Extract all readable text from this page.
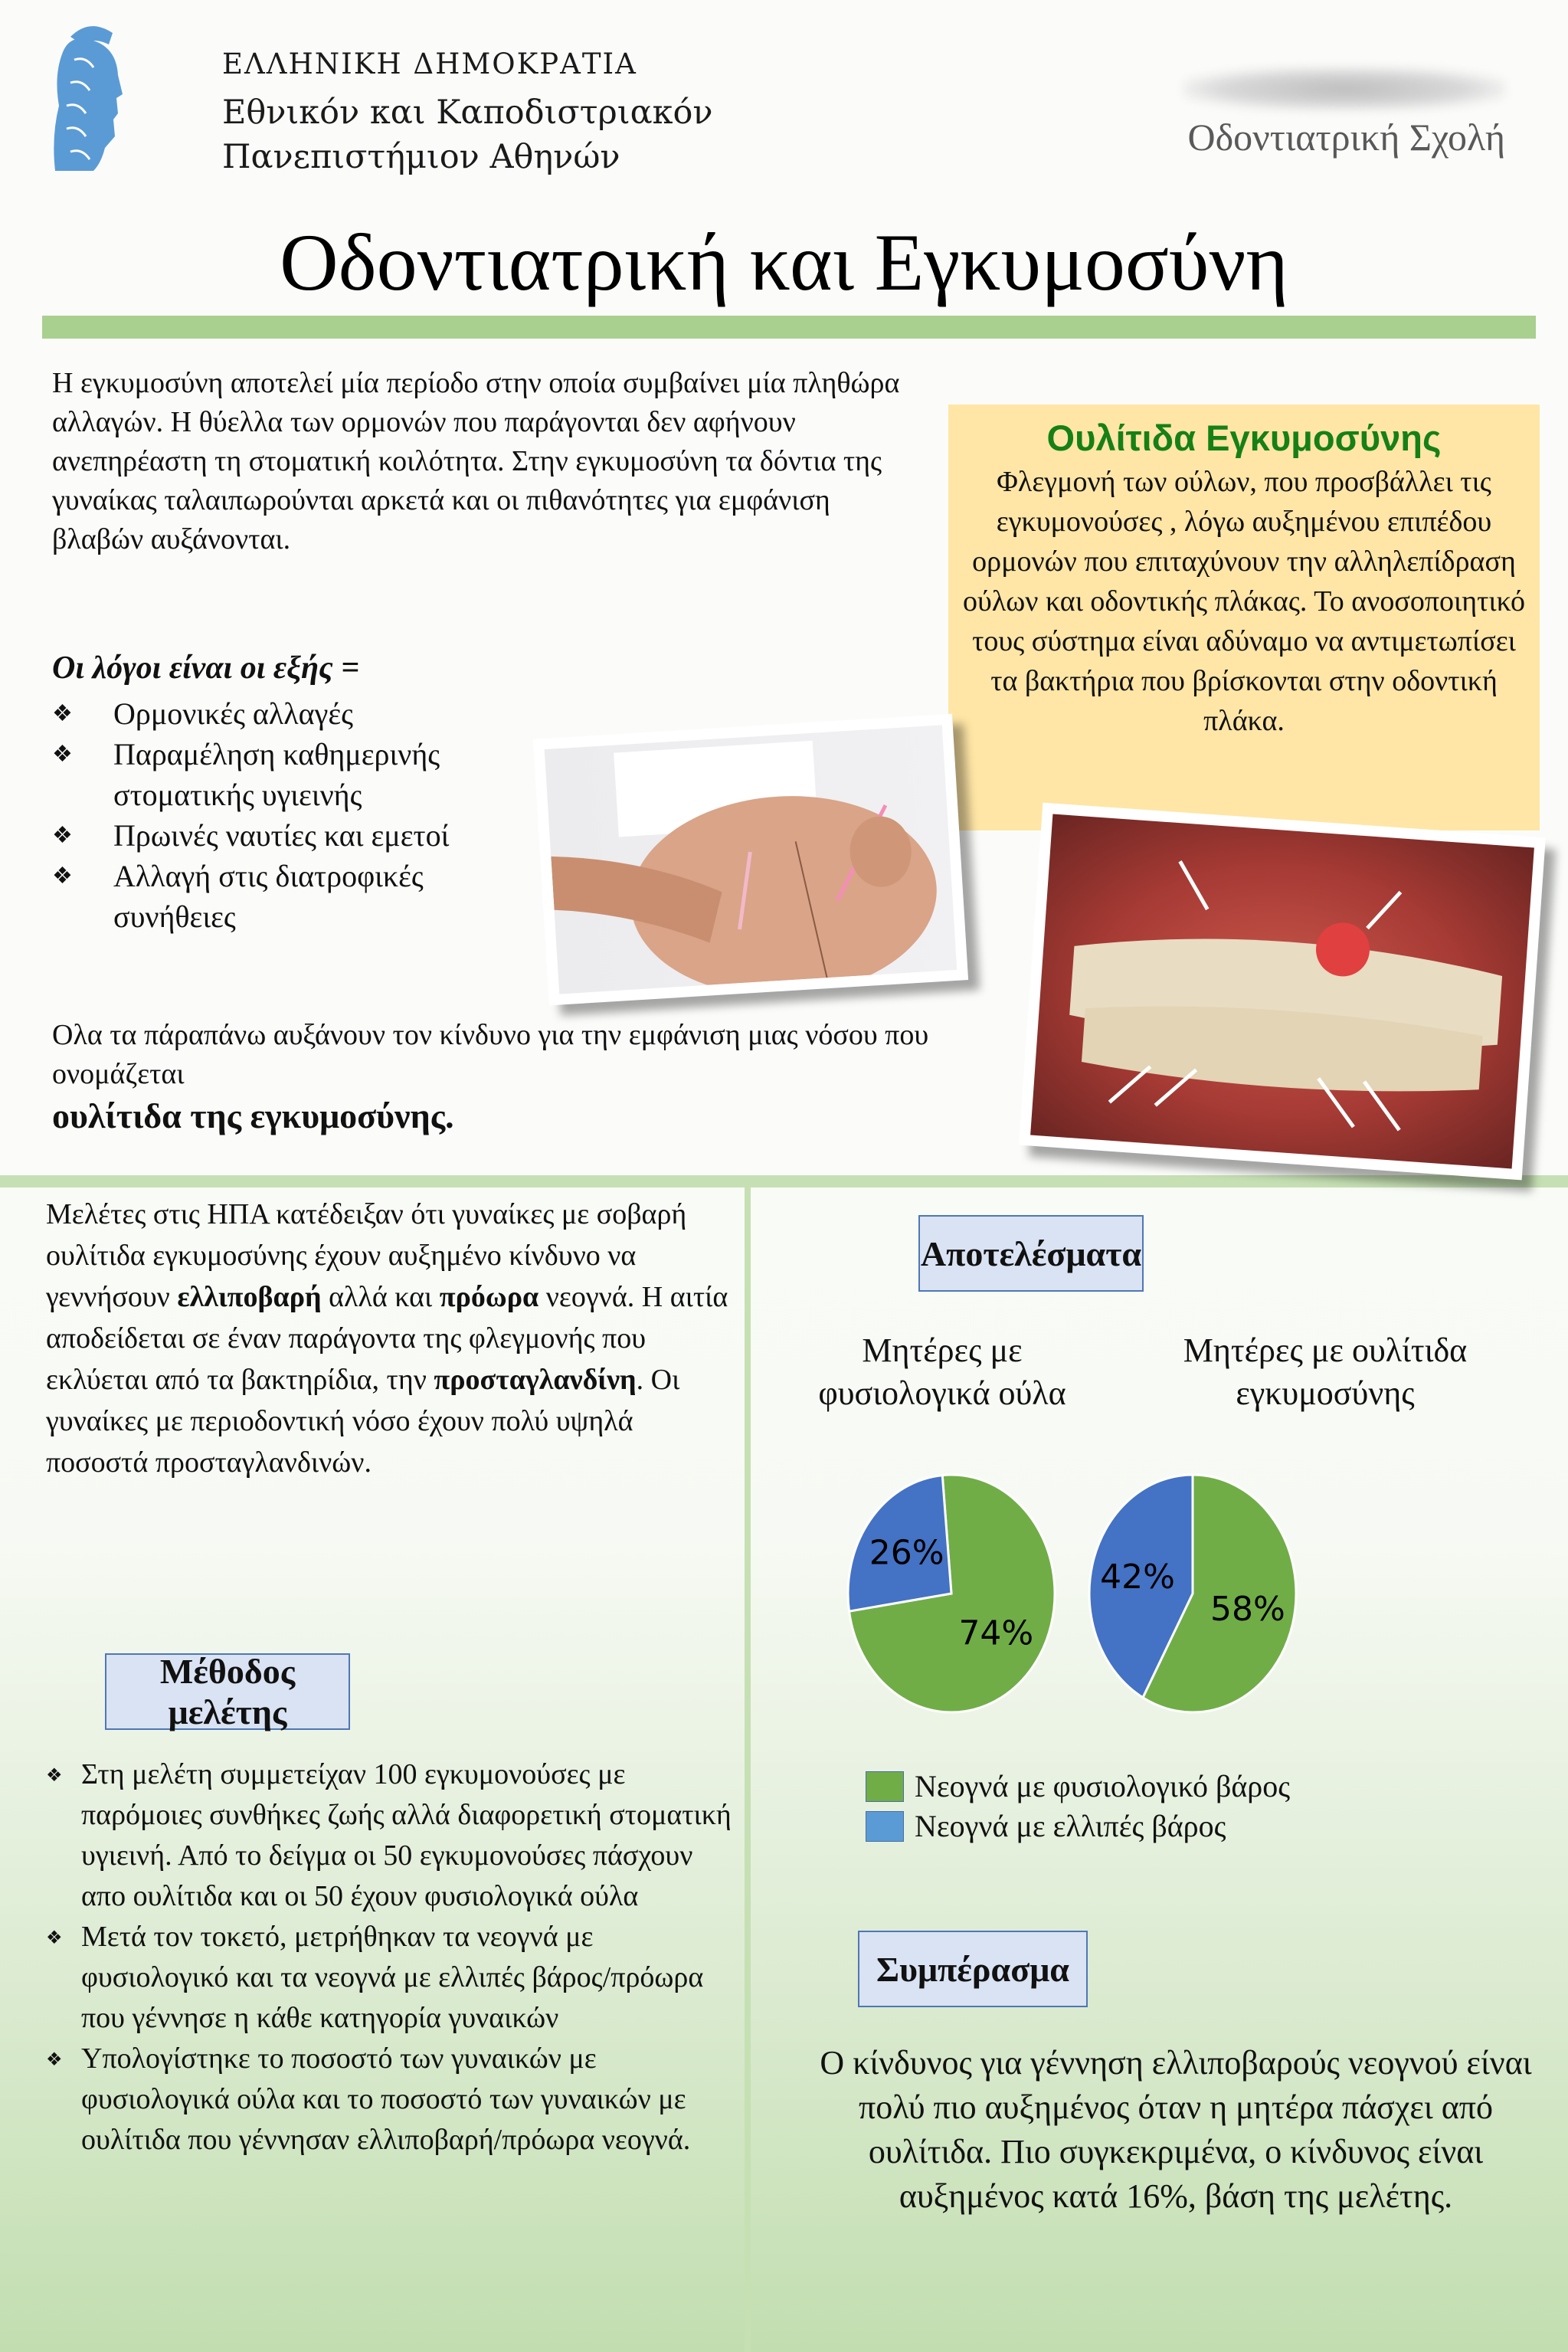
ΕΛΛΗΝΙΚΗ ΔΗΜΟΚΡΑΤΙΑ
Εθνικόν και Καποδιστριακόν
Πανεπιστήμιον Αθηνών	Οδοντιατρική Σχολή
Οδοντιατρική και Εγκυμοσύνη
Η εγκυμοσύνη αποτελεί μία περίοδο στην οποία συμβαίνει μία πληθώρα αλλαγών. Η θύελλα των ορμονών που παράγονται δεν αφήνουν ανεπηρέαστη τη στοματική κοιλότητα. Στην εγκυμοσύνη τα δόντια της γυναίκας ταλαιπωρούνται αρκετά και οι πιθανότητες για εμφάνιση βλαβών αυξάνονται.
Οι λόγοι είναι οι εξής =
❖	Ορμονικές αλλαγές
❖	Παραμέληση καθημερινής στοματικής υγιεινής
❖	Πρωινές ναυτίες και εμετοί
❖	Αλλαγή στις διατροφικές συνήθειες
Ολα τα πάραπάνω αυξάνουν τον κίνδυνο για την εμφάνιση μιας νόσου που ονομάζεται
ουλίτιδα της εγκυμοσύνης.
Ουλίτιδα Εγκυμοσύνης
Φλεγμονή των ούλων, που προσβάλλει τις εγκυμονούσες , λόγω αυξημένου επιπέδου ορμονών που επιταχύνουν την αλληλεπίδραση ούλων και οδοντικής πλάκας. Το ανοσοποιητικό τους σύστημα είναι αδύναμο να αντιμετωπίσει τα βακτήρια που βρίσκονται στην οδοντική πλάκα.
Μελέτες στις ΗΠΑ κατέδειξαν ότι γυναίκες με σοβαρή ουλίτιδα εγκυμοσύνης έχουν αυξημένο κίνδυνο να γεννήσουν ελλιποβαρή αλλά και πρόωρα νεογνά. Η αιτία αποδείδεται σε έναν παράγοντα της φλεγμονής που εκλύεται από τα βακτηρίδια, την προσταγλανδίνη. Οι γυναίκες με περιοδοντική νόσο έχουν πολύ υψηλά ποσοστά προσταγλανδινών.
Μέθοδος μελέτης
❖ Στη μελέτη συμμετείχαν 100 εγκυμονούσες με παρόμοιες συνθήκες ζωής αλλά διαφορετική στοματική υγιεινή. Από το δείγμα οι 50 εγκυμονούσες πάσχουν απο ουλίτιδα και οι 50 έχουν φυσιολογικά ούλα
❖ Μετά τον τοκετό, μετρήθηκαν τα νεογνά με φυσιολογικό και τα νεογνά με ελλιπές βάρος/πρόωρα που γέννησε η κάθε κατηγορία γυναικών
❖ Υπολογίστηκε το ποσοστό των γυναικών με φυσιολογικά ούλα και το ποσοστό των γυναικών με ουλίτιδα που γέννησαν ελλιποβαρή/πρόωρα νεογνά.
Αποτελέσματα
Μητέρες με φυσιολογικά ούλα
Μητέρες με ουλίτιδα εγκυμοσύνης
74%
26%
58%
42%
Νεογνά με φυσιολογικό βάρος
Νεογνά με ελλιπές βάρος
Συμπέρασμα
Ο κίνδυνος για γέννηση ελλιποβαρούς νεογνού είναι πολύ πιο αυξημένος όταν η μητέρα πάσχει από ουλίτιδα. Πιο συγκεκριμένα, ο κίνδυνος είναι αυξημένος κατά 16%, βάση της μελέτης.
